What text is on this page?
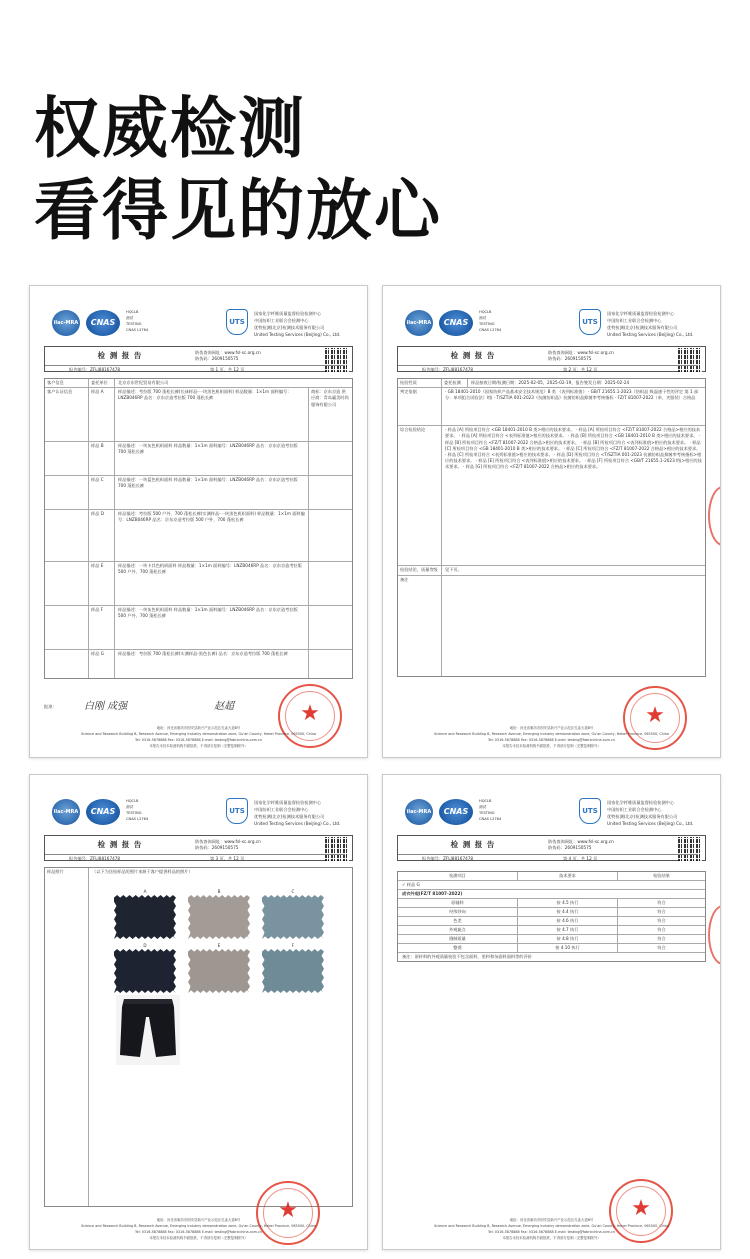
权威检测
看得见的放心
ilac-MRA	CNAS
HQCLB
测试
TESTING
CNAS L2764
UTS
国家化学纤维质量监督检验检测中心
中国纺织工业联合会检测中心
优特检测(北京)检测技术服务有限公司
United Testing Services (BeiJing) Co., Ltd.
检 测 报 告	防伪查询网址：www.fsl-sc.org.cn
防伪码：2609150575
报告编号：ZFLJ88167478	第 1 页，共 12 页
客户信息	委托单位	北京京东世纪贸易有限公司
客户认证信息	样品 A	样品描述：考拉版 700 蓬松长裤(长袜样品-一块黑色机织面料) 样品数量：1×1m 面料编号：LNZB046RP 品名：京东京造考拉版 700 蓬松长裤
商标：京东京造 供应商：青岛赢美时尚服饰有限公司
样品 B	样品描述：一块灰色机织面料 样品数量：1×1m 面料编号：LNZB046RP 品名：京东京造考拉版 700 蓬松长裤
样品 C	样品描述：一块蓝色机织面料 样品数量：1×1m 面料编号：LNZB046RP 品名：京东京造考拉版 700 蓬松长裤
样品 D	样品描述：考拉版 500 户外、700 蓬松长裤(实测样品-一块黑色机织面料) 样品数量：1×1m 面料编号：LNZB046RP 品名：京东京造考拉版 500 户外、700 蓬松长裤
样品 E	样品描述：一块卡其色机织面料 样品数量：1×1m 面料编号：LNZB046RP 品名：京东京造考拉版 500 户外、700 蓬松长裤
样品 F	样品描述：一块灰色机织面料 样品数量：1×1m 面料编号：LNZB046RP 品名：京东京造考拉版 500 户外、700 蓬松长裤
样品 G	样品描述：考拉版 700 蓬松长裤(实测样品-黑色长裤) 品名：京东京造考拉版 700 蓬松长裤
批准：	白刚 成强	赵超	★
地址：河北省廊坊市固安县新兴产业示范区孔雀大道8号
Science and Research Building B, Research Avenue, Emerging Industry demonstration zone, Gu'an County, Hebei Province, 065500, China
Tel: 0316-5878888 Fax: 0316-5878888 E-mail: testing@fabricchina.com.cn
本报告未经本检测机构书面批准，不得部分复制（完整复制除外）
ilac-MRA	CNAS
HQCLB
测试
TESTING
CNAS L2764
UTS
国家化学纤维质量监督检验检测中心
中国纺织工业联合会检测中心
优特检测(北京)检测技术服务有限公司
United Testing Services (BeiJing) Co., Ltd.
检 测 报 告	防伪查询网址：www.fsl-sc.org.cn
防伪码：2609150575
报告编号：ZFLJ88167478	第 2 页，共 12 页
检验性质	委托检测	样品接收日期/检测日期：2025-02-05，2025-02-19，报告签发日期：2025-02-24
判定依据	· GB 18401-2010《国家纺织产品基本安全技术规范》B 类 《表列标准值》 · GB/T 21655.1-2023（纺织品 吸湿速干性的评定 第 1 部分：单项组合试验法）Ⅰ级 · T/SZTIA 001-2023《抗菌纺织品》抗菌纺织品抑菌率考核指标 · FZ/T 81007-2022（单、夹服装）合格品
综合检验结论	· 样品 [A] 所检项目符合 <GB 18401-2010 B 类>相应的技术要求。 · 样品 [A] 所检项目符合 <FZ/T 81007-2022 合格品>相应的技术要求。 · 样品 [A] 所检项目符合 <表列标准值>相应的技术要求。 · 样品 [B] 所检项目符合 <GB 18401-2010 B 类>相应的技术要求。 · 样品 [B] 所检项目符合 <FZ/T 81007-2022 合格品>相应的技术要求。 · 样品 [B] 所检项目符合 <表列标准值>相应的技术要求。 · 样品 [C] 所检项目符合 <GB 18401-2010 B 类>相应的技术要求。 · 样品 [C] 所检项目符合 <FZ/T 81007-2022 合格品>相应的技术要求。 · 样品 [C] 所检项目符合 <表列标准值>相应的技术要求。 · 样品 [D] 所检项目符合 <T/SZTIA 001-2023 抗菌纺织品抑菌率考核指标>相应的技术要求。 · 样品 [E] 所检项目符合 <表列标准值>相应的技术要求。 · 样品 [F] 所检项目符合 <GB/T 21655.1-2023 Ⅰ级>相应的技术要求。 · 样品 [G] 所检项目符合 <FZ/T 81007-2022 合格品>相应的技术要求。
检验结论、质量等级	见下页。
备注
★
地址：河北省廊坊市固安县新兴产业示范区孔雀大道8号
Science and Research Building B, Research Avenue, Emerging Industry demonstration zone, Gu'an County, Hebei Province, 065500, China
Tel: 0316-5878888 Fax: 0316-5878888 E-mail: testing@fabricchina.com.cn
本报告未经本检测机构书面批准，不得部分复制（完整复制除外）
ilac-MRA	CNAS
HQCLB
测试
TESTING
CNAS L2764
UTS
国家化学纤维质量监督检验检测中心
中国纺织工业联合会检测中心
优特检测(北京)检测技术服务有限公司
United Testing Services (BeiJing) Co., Ltd.
检 测 报 告	防伪查询网址：www.fsl-sc.org.cn
防伪码：2609150575
报告编号：ZFLJ88167478	第 3 页，共 12 页
样品照片	（以下为送检样品的照片来源于客户提供样品的照片）
A	B	C
D	E	F
G
★
地址：河北省廊坊市固安县新兴产业示范区孔雀大道8号
Science and Research Building B, Research Avenue, Emerging Industry demonstration zone, Gu'an County, Hebei Province, 065500, China
Tel: 0316-5878888 Fax: 0316-5878888 E-mail: testing@fabricchina.com.cn
本报告未经本检测机构书面批准，不得部分复制（完整复制除外）
ilac-MRA	CNAS
HQCLB
测试
TESTING
CNAS L2764
UTS
国家化学纤维质量监督检验检测中心
中国纺织工业联合会检测中心
优特检测(北京)检测技术服务有限公司
United Testing Services (BeiJing) Co., Ltd.
检 测 报 告	防伪查询网址：www.fsl-sc.org.cn
防伪码：2609150575
报告编号：ZFLJ88167478	第 4 页，共 12 页
检测项目	技术要求	检验结果
✓ 样品 G
成衣外观(FZ/T 81007-2022)
原辅料	按 4.5 执行	符合
经纬纱向	按 4.4 执行	符合
色差	按 4.6 执行	符合
外观疵点	按 4.7 执行	符合
缝制质量	按 4.8 执行	符合
整烫	按 4.10 执行	符合
备注：原材料的外观质量检验不包含面料、里料和杂面料面料等的评价
★
地址：河北省廊坊市固安县新兴产业示范区孔雀大道8号
Science and Research Building B, Research Avenue, Emerging Industry demonstration zone, Gu'an County, Hebei Province, 065500, China
Tel: 0316-5878888 Fax: 0316-5878888 E-mail: testing@fabricchina.com.cn
本报告未经本检测机构书面批准，不得部分复制（完整复制除外）
